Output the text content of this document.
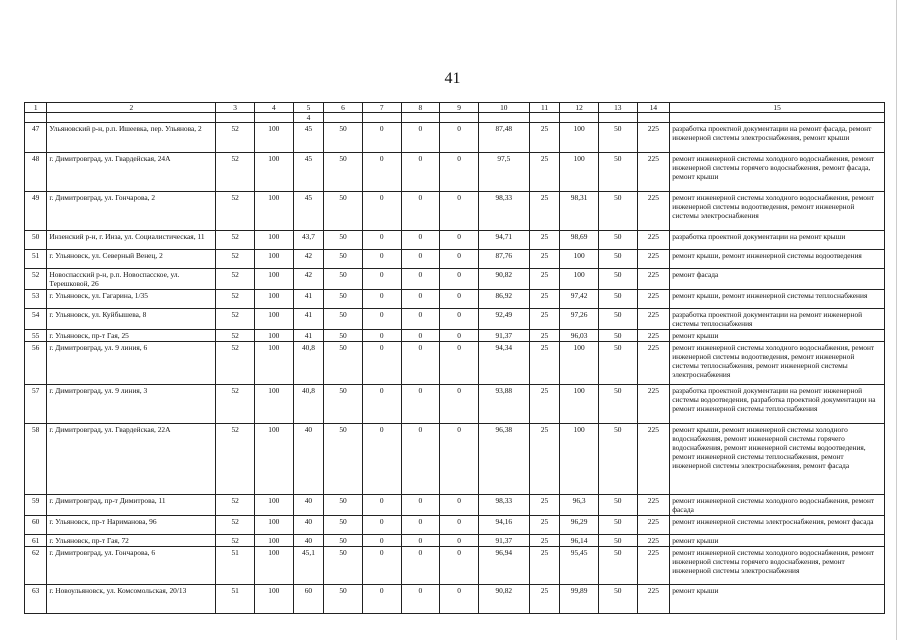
41
1	2	3	4	5	6	7	8	9	10	11	12	13	14	15
				4										
47	Ульяновский р-н, р.п. Ишеевка, пер. Ульянова, 2	52	100	45	50	0	0	0	87,48	25	100	50	225	разработка проектной документации на ремонт фасада, ремонт инженерной системы электроснабжения, ремонт крыши
48	г. Димитровград, ул. Гвардейская, 24А	52	100	45	50	0	0	0	97,5	25	100	50	225	ремонт инженерной системы холодного водоснабжения, ремонт инженерной системы горячего водоснабжения, ремонт фасада, ремонт крыши
49	г. Димитровград, ул. Гончарова, 2	52	100	45	50	0	0	0	98,33	25	98,31	50	225	ремонт инженерной системы холодного водоснабжения, ремонт инженерной системы водоотведения, ремонт инженерной системы электроснабжения
50	Инзенский р-н, г. Инза, ул. Социалистическая, 11	52	100	43,7	50	0	0	0	94,71	25	98,69	50	225	разработка проектной документации на ремонт крыши
51	г. Ульяновск, ул. Северный Венец, 2	52	100	42	50	0	0	0	87,76	25	100	50	225	ремонт крыши, ремонт инженерной системы водоотведения
52	Новоспасский р-н, р.п. Новоспасское, ул. Терешковой, 26	52	100	42	50	0	0	0	90,82	25	100	50	225	ремонт фасада
53	г. Ульяновск, ул. Гагарина, 1/35	52	100	41	50	0	0	0	86,92	25	97,42	50	225	ремонт крыши, ремонт инженерной системы теплоснабжения
54	г. Ульяновск, ул. Куйбышева, 8	52	100	41	50	0	0	0	92,49	25	97,26	50	225	разработка проектной документации на ремонт инженерной системы теплоснабжения
55	г. Ульяновск, пр-т Гая, 25	52	100	41	50	0	0	0	91,37	25	96,03	50	225	ремонт крыши
56	г. Димитровград, ул. 9 линия, 6	52	100	40,8	50	0	0	0	94,34	25	100	50	225	ремонт инженерной системы холодного водоснабжения, ремонт инженерной системы водоотведения, ремонт инженерной системы теплоснабжения, ремонт инженерной системы электроснабжения
57	г. Димитровград, ул. 9 линия, 3	52	100	40,8	50	0	0	0	93,88	25	100	50	225	разработка проектной документации на ремонт инженерной системы водоотведения, разработка проектной документации на ремонт инженерной системы теплоснабжения
58	г. Димитровград, ул. Гвардейская, 22А	52	100	40	50	0	0	0	96,38	25	100	50	225	ремонт крыши, ремонт инженерной системы холодного водоснабжения, ремонт инженерной системы горячего водоснабжения, ремонт инженерной системы водоотведения, ремонт инженерной системы теплоснабжения, ремонт инженерной системы электроснабжения, ремонт фасада
59	г. Димитровград, пр-т Димитрова, 11	52	100	40	50	0	0	0	98,33	25	96,3	50	225	ремонт инженерной системы холодного водоснабжения, ремонт фасада
60	г. Ульяновск, пр-т Нариманова, 96	52	100	40	50	0	0	0	94,16	25	96,29	50	225	ремонт инженерной системы электроснабжения, ремонт фасада
61	г. Ульяновск, пр-т Гая, 72	52	100	40	50	0	0	0	91,37	25	96,14	50	225	ремонт крыши
62	г. Димитровград, ул. Гончарова, 6	51	100	45,1	50	0	0	0	96,94	25	95,45	50	225	ремонт инженерной системы холодного водоснабжения, ремонт инженерной системы горячего водоснабжения, ремонт инженерной системы электроснабжения
63	г. Новоульяновск, ул. Комсомольская, 20/13	51	100	60	50	0	0	0	90,82	25	99,89	50	225	ремонт крыши
